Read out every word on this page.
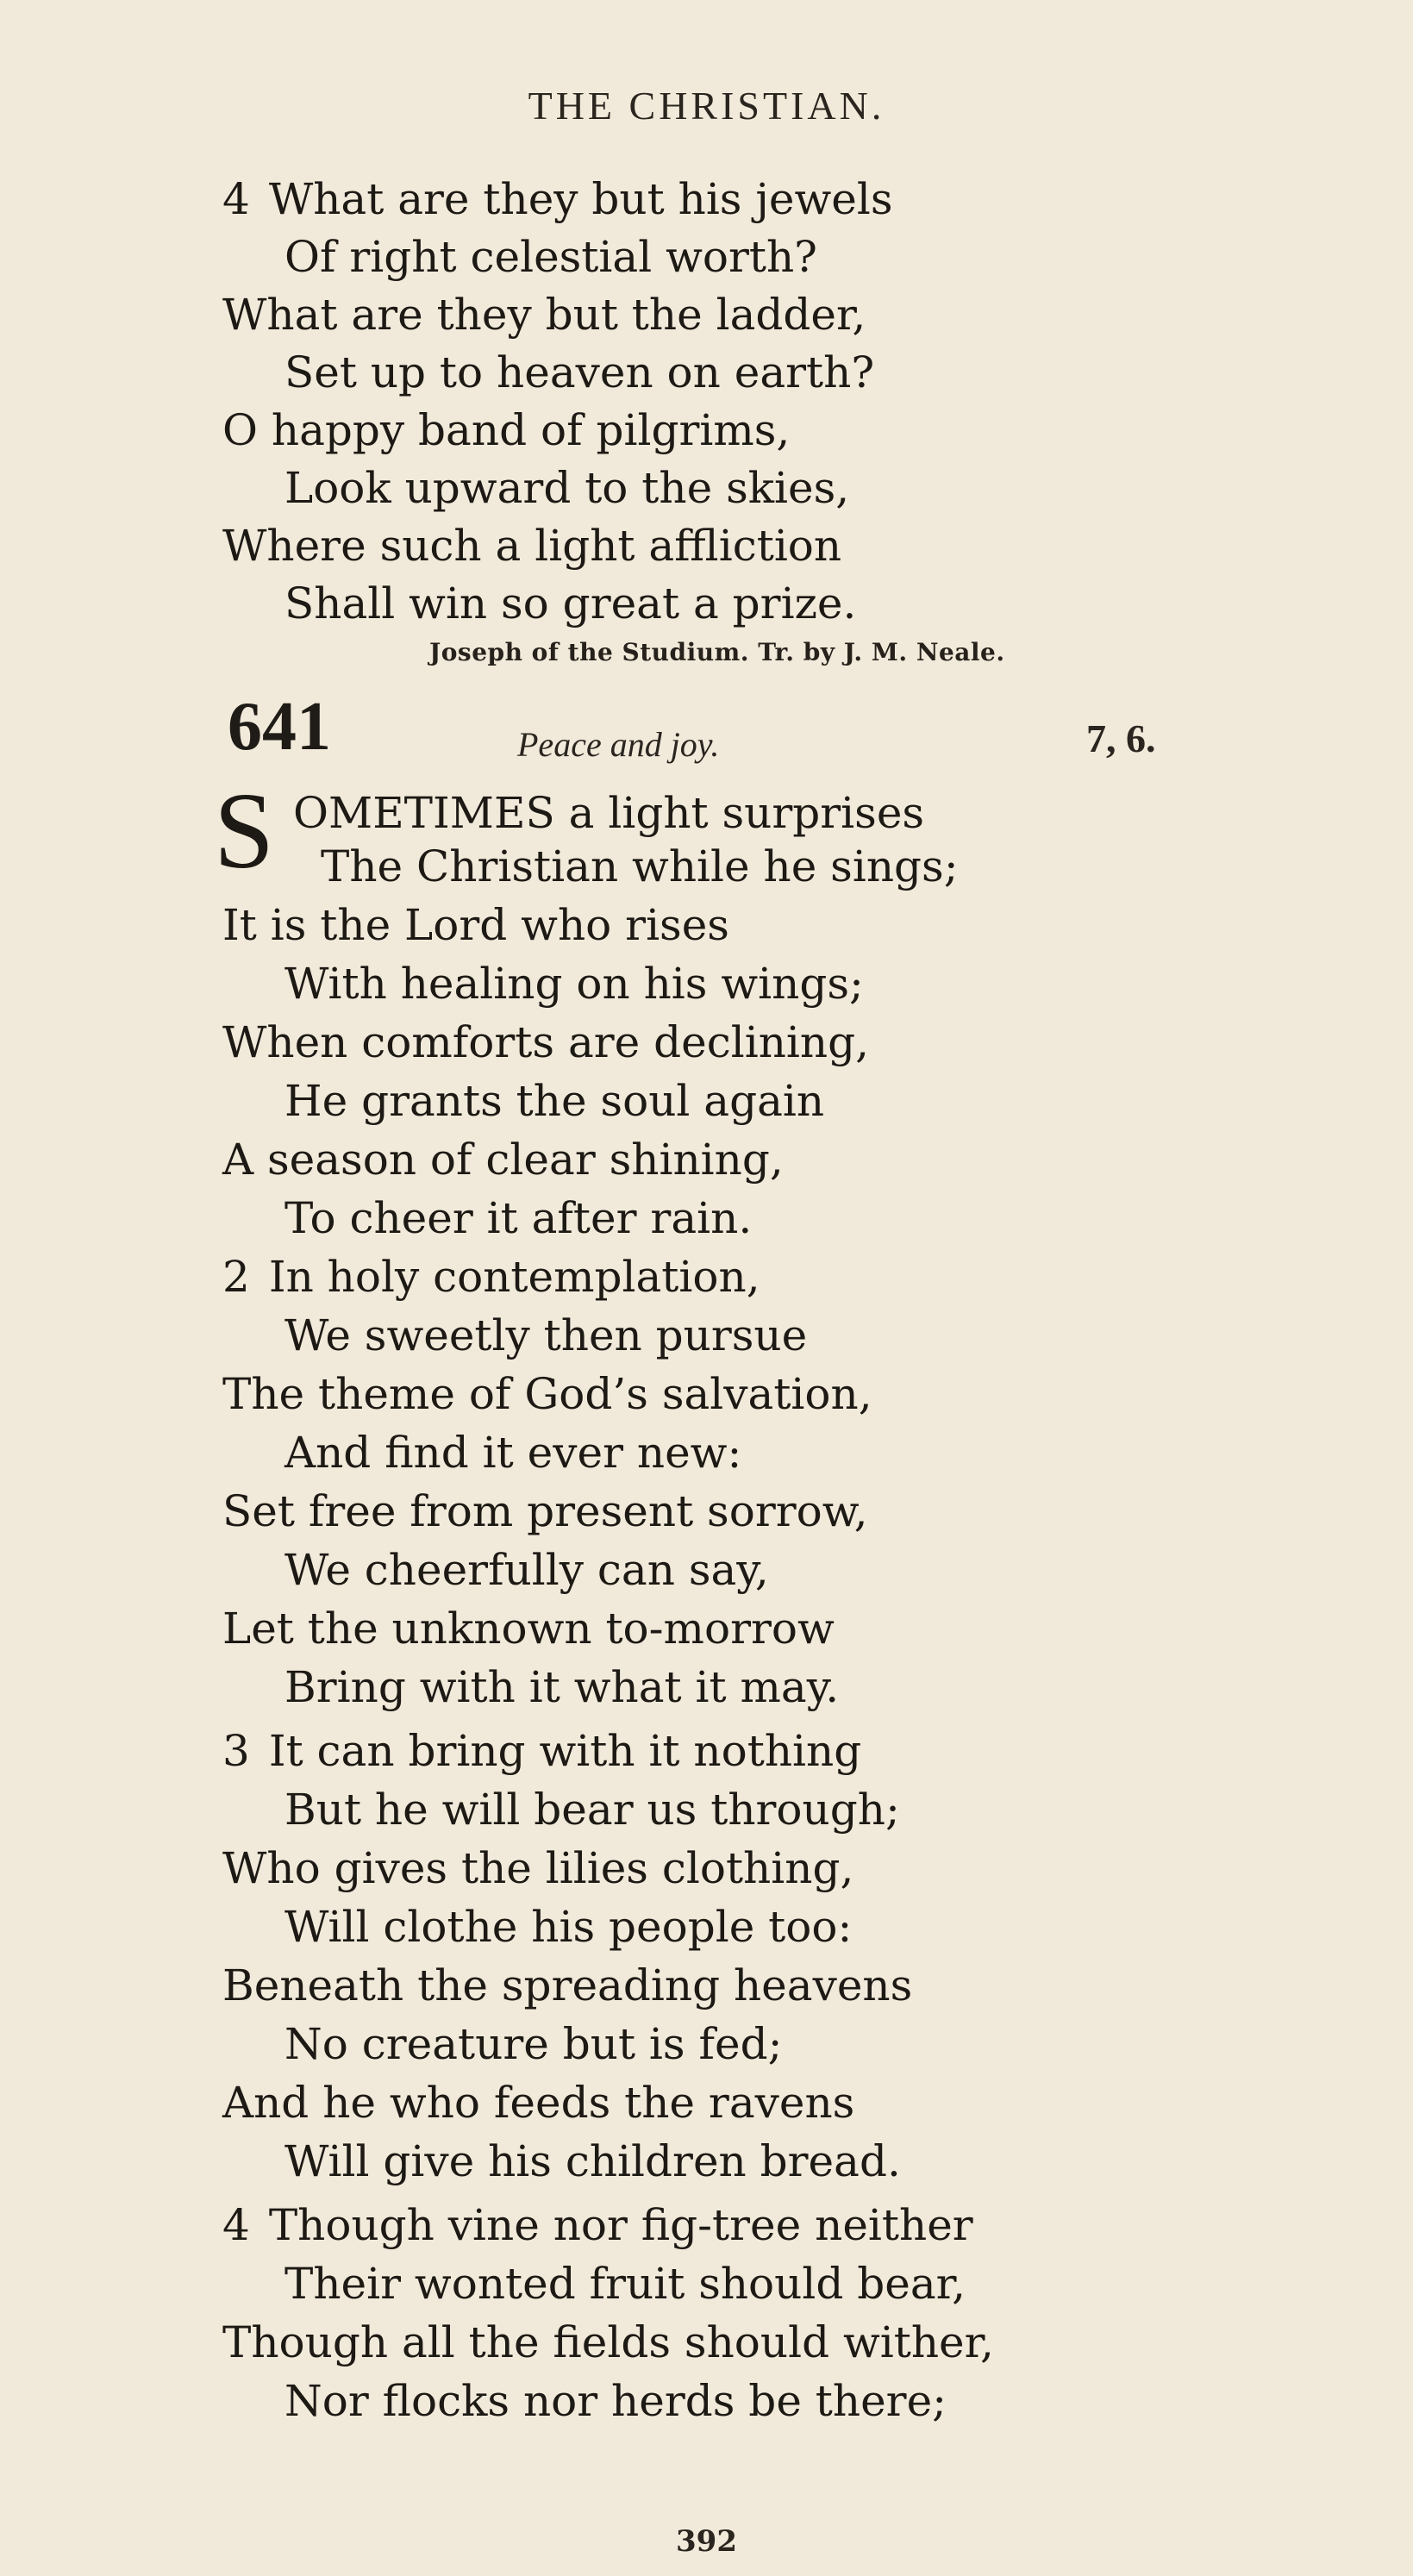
THE CHRISTIAN.
4 What are they but his jewels
Of right celestial worth?
What are they but the ladder,
Set up to heaven on earth?
O happy band of pilgrims,
Look upward to the skies,
Where such a light affliction
Shall win so great a prize.
Joseph of the Studium. Tr. by J. M. Neale.
641	Peace and joy.	7, 6.
S OMETIMES a light surprises
The Christian while he sings;
It is the Lord who rises
With healing on his wings;
When comforts are declining,
He grants the soul again
A season of clear shining,
To cheer it after rain.
2 In holy contemplation,
We sweetly then pursue
The theme of God’s salvation,
And find it ever new:
Set free from present sorrow,
We cheerfully can say,
Let the unknown to-morrow
Bring with it what it may.
3 It can bring with it nothing
But he will bear us through;
Who gives the lilies clothing,
Will clothe his people too:
Beneath the spreading heavens
No creature but is fed;
And he who feeds the ravens
Will give his children bread.
4 Though vine nor fig-tree neither
Their wonted fruit should bear,
Though all the fields should wither,
Nor flocks nor herds be there;
392
